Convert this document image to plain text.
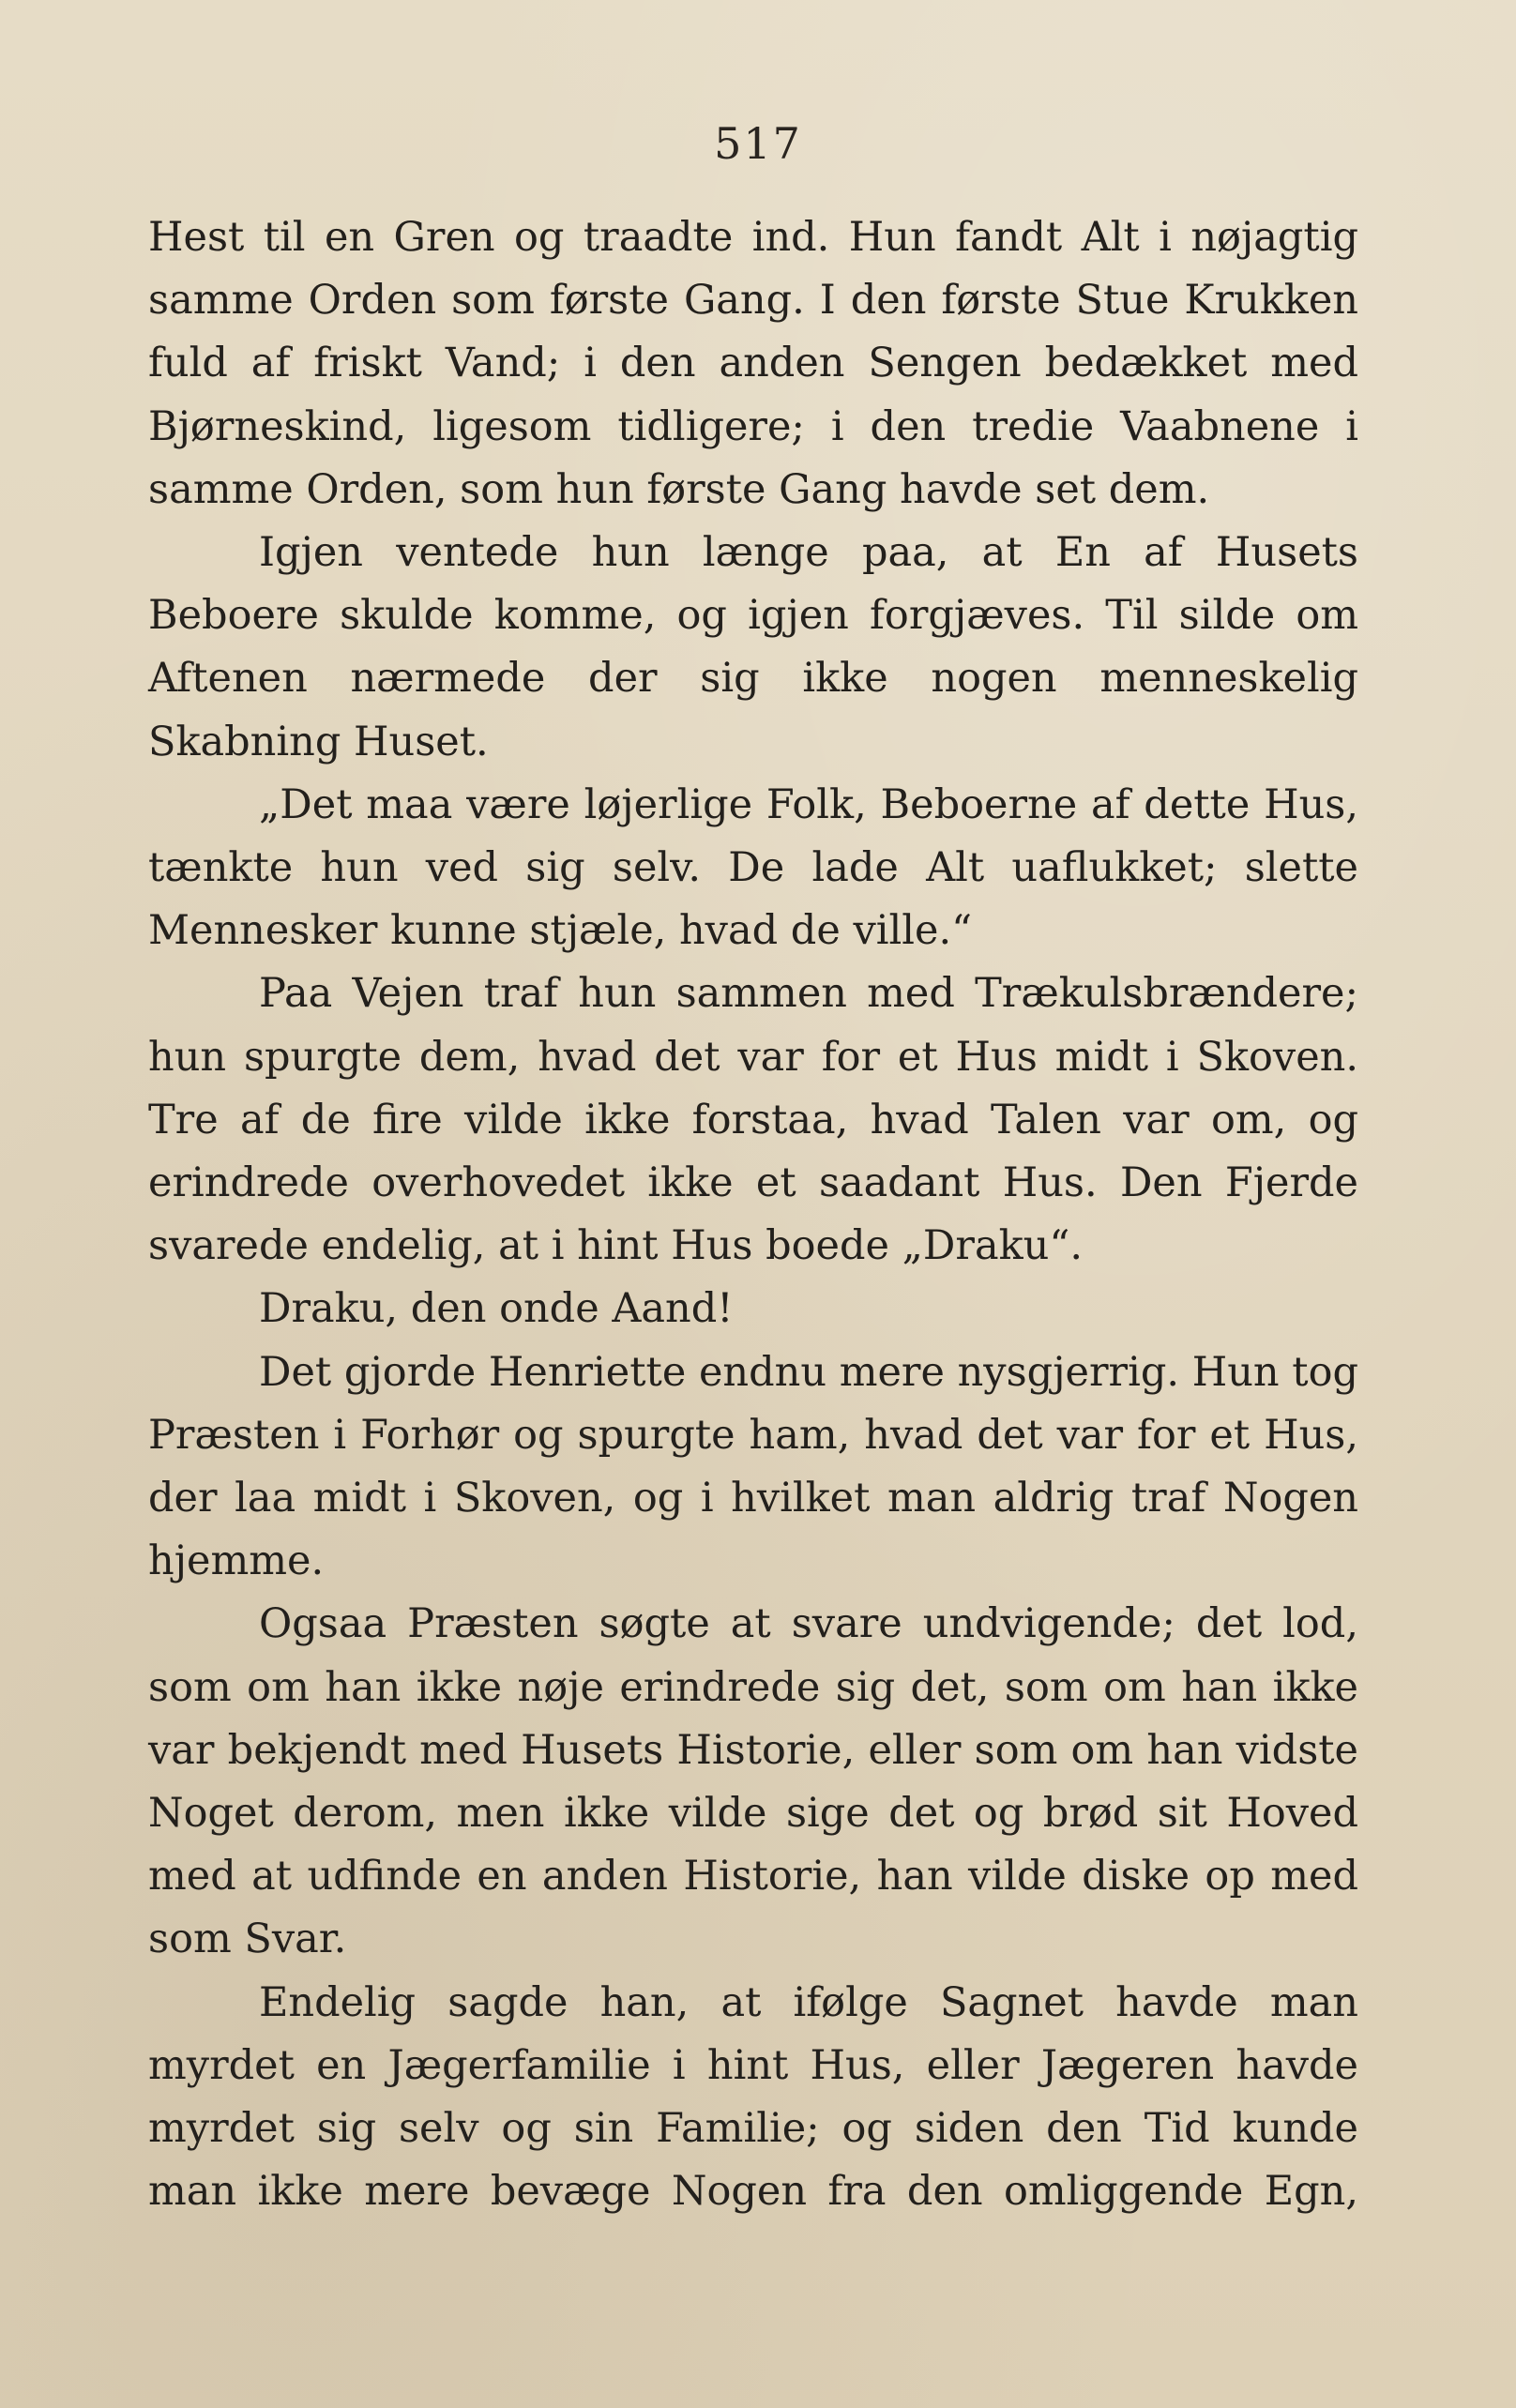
517

Hest til en Gren og traadte ind. Hun fandt Alt i nøjagtig samme Orden som første Gang. I den første Stue Krukken fuld af friskt Vand; i den anden Sengen bedækket med Bjørneskind, ligesom tidligere; i den tredie Vaabnene i samme Orden, som hun første Gang havde set dem.

Igjen ventede hun længe paa, at En af Husets Beboere skulde komme, og igjen forgjæves. Til silde om Aftenen nærmede der sig ikke nogen menneskelig Skabning Huset.

„Det maa være løjerlige Folk, Beboerne af dette Hus, tænkte hun ved sig selv. De lade Alt uaflukket; slette Mennesker kunne stjæle, hvad de ville.“

Paa Vejen traf hun sammen med Trækulsbrændere; hun spurgte dem, hvad det var for et Hus midt i Skoven. Tre af de fire vilde ikke forstaa, hvad Talen var om, og erindrede overhovedet ikke et saadant Hus. Den Fjerde svarede endelig, at i hint Hus boede „Draku“.

Draku, den onde Aand!

Det gjorde Henriette endnu mere nysgjerrig. Hun tog Præsten i Forhør og spurgte ham, hvad det var for et Hus, der laa midt i Skoven, og i hvilket man aldrig traf Nogen hjemme.

Ogsaa Præsten søgte at svare undvigende; det lod, som om han ikke nøje erindrede sig det, som om han ikke var bekjendt med Husets Historie, eller som om han vidste Noget derom, men ikke vilde sige det og brød sit Hoved med at udfinde en anden Historie, han vilde diske op med som Svar.

Endelig sagde han, at ifølge Sagnet havde man myrdet en Jægerfamilie i hint Hus, eller Jægeren havde myrdet sig selv og sin Familie; og siden den Tid kunde man ikke mere bevæge Nogen fra den omliggende Egn,
